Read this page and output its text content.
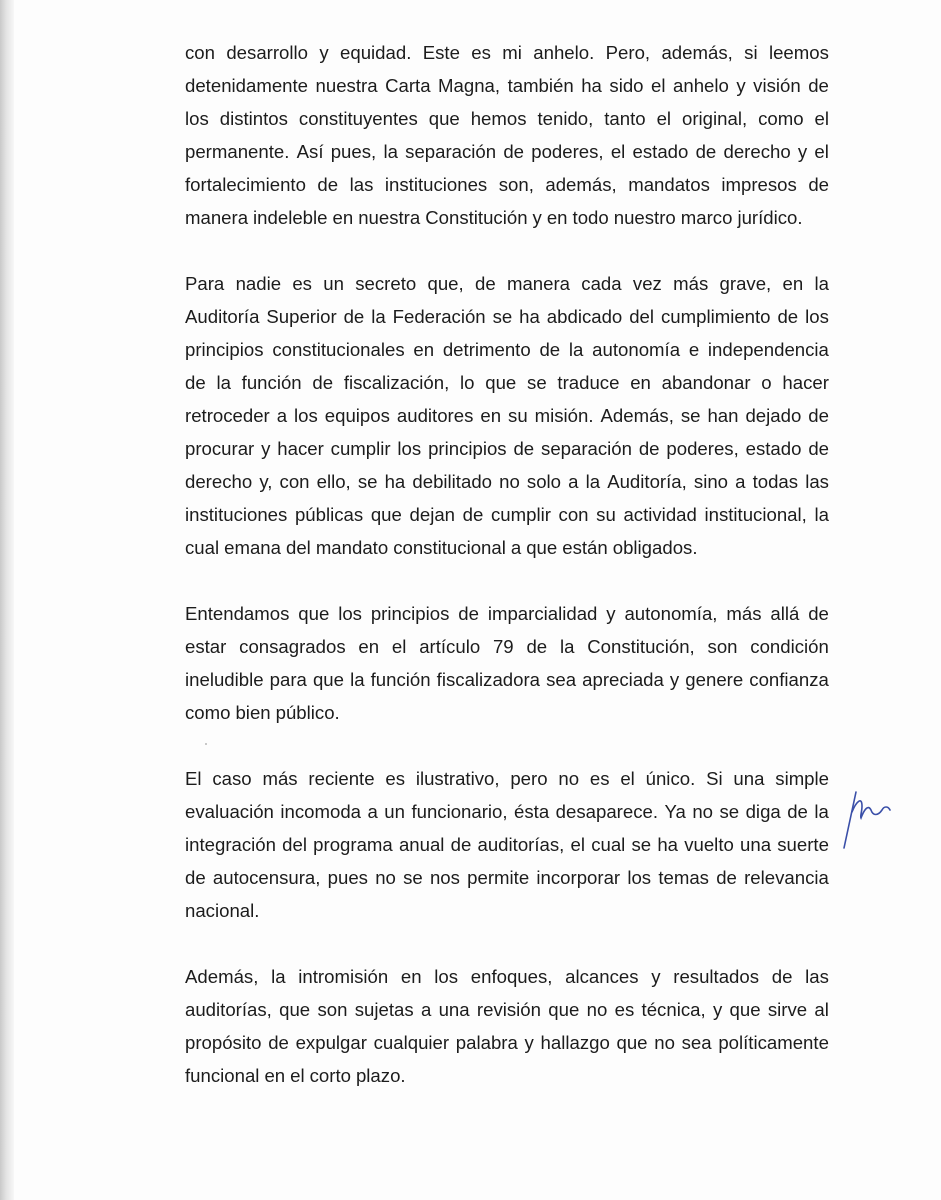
con desarrollo y equidad. Este es mi anhelo. Pero, además, si leemos
detenidamente nuestra Carta Magna, también ha sido el anhelo y visión de
los distintos constituyentes que hemos tenido, tanto el original, como el
permanente. Así pues, la separación de poderes, el estado de derecho y el
fortalecimiento de las instituciones son, además, mandatos impresos de
manera indeleble en nuestra Constitución y en todo nuestro marco jurídico.
Para nadie es un secreto que, de manera cada vez más grave, en la
Auditoría Superior de la Federación se ha abdicado del cumplimiento de los
principios constitucionales en detrimento de la autonomía e independencia
de la función de fiscalización, lo que se traduce en abandonar o hacer
retroceder a los equipos auditores en su misión. Además, se han dejado de
procurar y hacer cumplir los principios de separación de poderes, estado de
derecho y, con ello, se ha debilitado no solo a la Auditoría, sino a todas las
instituciones públicas que dejan de cumplir con su actividad institucional, la
cual emana del mandato constitucional a que están obligados.
Entendamos que los principios de imparcialidad y autonomía, más allá de
estar consagrados en el artículo 79 de la Constitución, son condición
ineludible para que la función fiscalizadora sea apreciada y genere confianza
como bien público.
El caso más reciente es ilustrativo, pero no es el único. Si una simple
evaluación incomoda a un funcionario, ésta desaparece. Ya no se diga de la
integración del programa anual de auditorías, el cual se ha vuelto una suerte
de autocensura, pues no se nos permite incorporar los temas de relevancia
nacional.
Además, la intromisión en los enfoques, alcances y resultados de las
auditorías, que son sujetas a una revisión que no es técnica, y que sirve al
propósito de expulgar cualquier palabra y hallazgo que no sea políticamente
funcional en el corto plazo.
